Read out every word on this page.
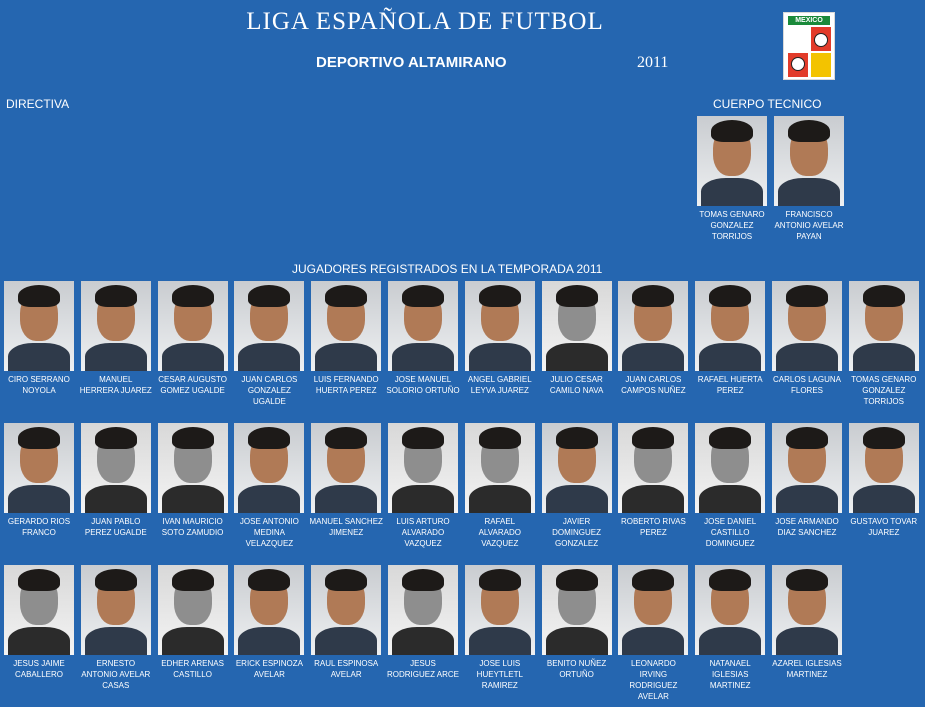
LIGA ESPAÑOLA DE FUTBOL
DEPORTIVO ALTAMIRANO	2011
MEXICO
DIRECTIVA	CUERPO TECNICO
JUGADORES REGISTRADOS EN LA TEMPORADA 2011
TOMAS GENARO GONZALEZ TORRIJOS
FRANCISCO ANTONIO AVELAR PAYAN
CIRO SERRANO NOYOLA
MANUEL HERRERA JUAREZ
CESAR AUGUSTO GOMEZ UGALDE
JUAN CARLOS GONZALEZ UGALDE
LUIS FERNANDO HUERTA PEREZ
JOSE MANUEL SOLORIO ORTUÑO
ANGEL GABRIEL LEYVA JUAREZ
JULIO CESAR CAMILO NAVA
JUAN CARLOS CAMPOS NUÑEZ
RAFAEL HUERTA PEREZ
CARLOS LAGUNA FLORES
TOMAS GENARO GONZALEZ TORRIJOS
GERARDO RIOS FRANCO
JUAN PABLO PEREZ UGALDE
IVAN MAURICIO SOTO ZAMUDIO
JOSE ANTONIO MEDINA VELAZQUEZ
MANUEL SANCHEZ JIMENEZ
LUIS ARTURO ALVARADO VAZQUEZ
RAFAEL ALVARADO VAZQUEZ
JAVIER DOMINGUEZ GONZALEZ
ROBERTO RIVAS PEREZ
JOSE DANIEL CASTILLO DOMINGUEZ
JOSE ARMANDO DIAZ SANCHEZ
GUSTAVO TOVAR JUAREZ
JESUS JAIME CABALLERO
ERNESTO ANTONIO AVELAR CASAS
EDHER ARENAS CASTILLO
ERICK ESPINOZA AVELAR
RAUL ESPINOSA AVELAR
JESUS RODRIGUEZ ARCE
JOSE LUIS HUEYTLETL RAMIREZ
BENITO NUÑEZ ORTUÑO
LEONARDO IRVING RODRIGUEZ AVELAR
NATANAEL IGLESIAS MARTINEZ
AZAREL IGLESIAS MARTINEZ
